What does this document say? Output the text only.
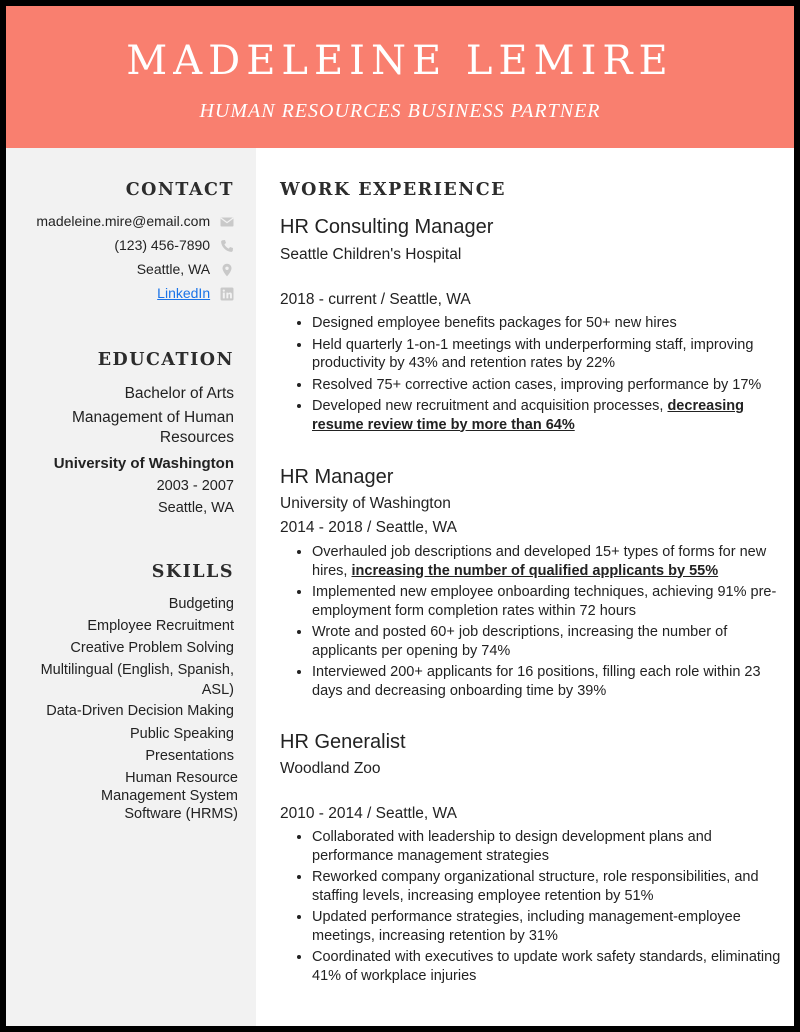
MADELEINE LEMIRE
HUMAN RESOURCES BUSINESS PARTNER
CONTACT
madeleine.mire@email.com
(123) 456-7890
Seattle, WA
LinkedIn
EDUCATION
Bachelor of Arts
Management of Human Resources
University of Washington
2003 - 2007
Seattle, WA
SKILLS
Budgeting
Employee Recruitment
Creative Problem Solving
Multilingual (English, Spanish, ASL)
Data-Driven Decision Making
Public Speaking
Presentations
Human Resource Management System Software (HRMS)
WORK EXPERIENCE
HR Consulting Manager
Seattle Children's Hospital
2018 - current / Seattle, WA
• Designed employee benefits packages for 50+ new hires
• Held quarterly 1-on-1 meetings with underperforming staff, improving productivity by 43% and retention rates by 22%
• Resolved 75+ corrective action cases, improving performance by 17%
• Developed new recruitment and acquisition processes, decreasing resume review time by more than 64%
HR Manager
University of Washington
2014 - 2018 / Seattle, WA
• Overhauled job descriptions and developed 15+ types of forms for new hires, increasing the number of qualified applicants by 55%
• Implemented new employee onboarding techniques, achieving 91% pre-employment form completion rates within 72 hours
• Wrote and posted 60+ job descriptions, increasing the number of applicants per opening by 74%
• Interviewed 200+ applicants for 16 positions, filling each role within 23 days and decreasing onboarding time by 39%
HR Generalist
Woodland Zoo
2010 - 2014 / Seattle, WA
• Collaborated with leadership to design development plans and performance management strategies
• Reworked company organizational structure, role responsibilities, and staffing levels, increasing employee retention by 51%
• Updated performance strategies, including management-employee meetings, increasing retention by 31%
• Coordinated with executives to update work safety standards, eliminating 41% of workplace injuries
